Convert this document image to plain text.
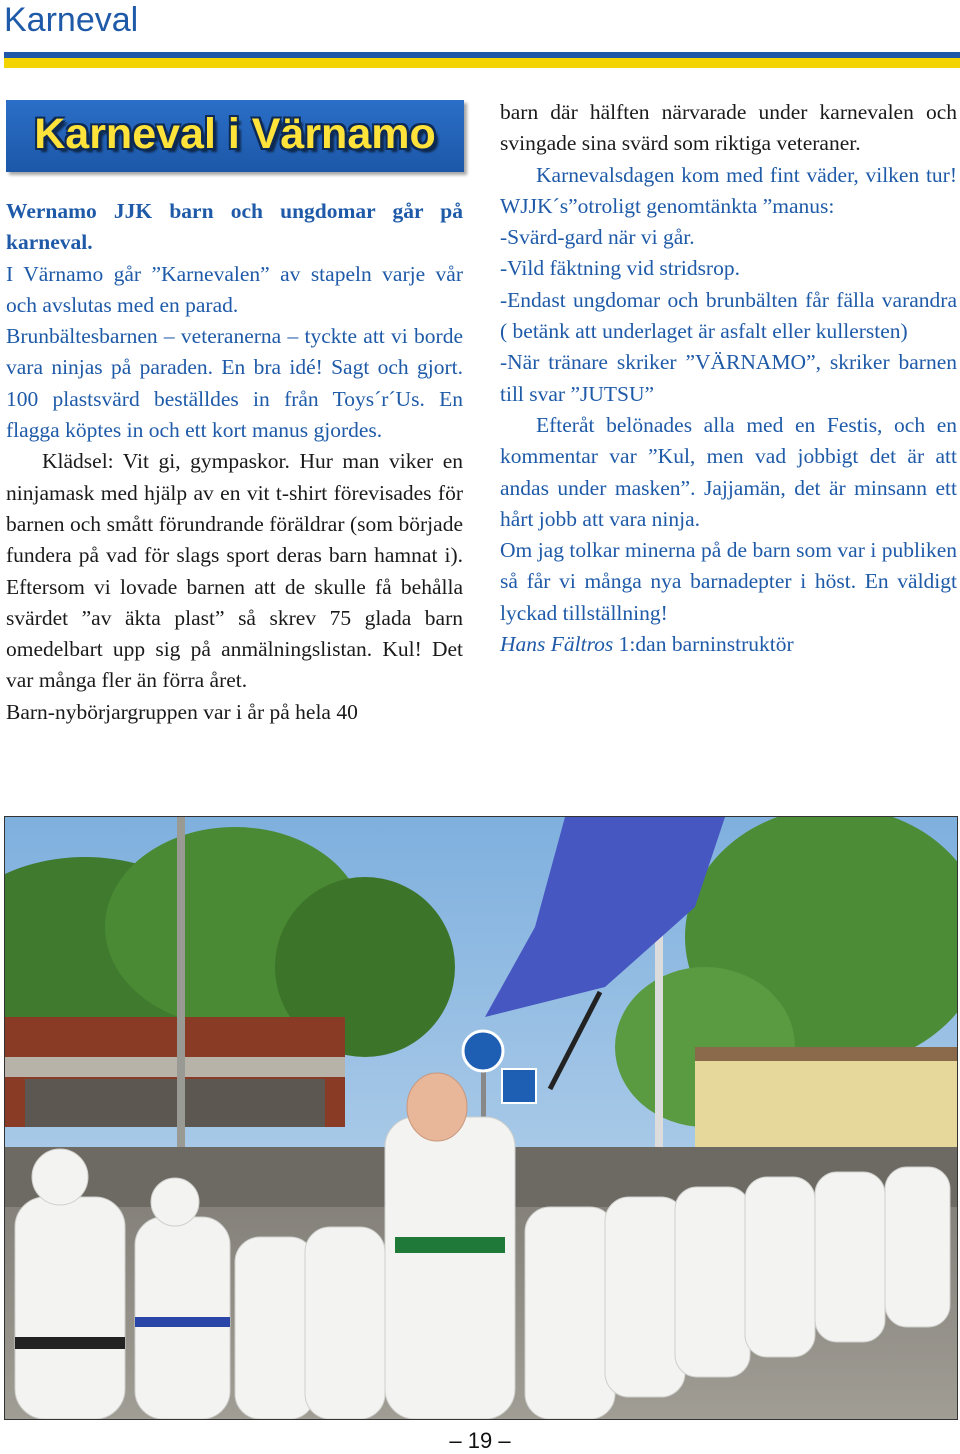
Karneval
Karneval i Värnamo

Wernamo JJK barn och ungdomar går på karneval.

I Värnamo går ”Karnevalen” av stapeln varje vår och avslutas med en parad.

Brunbältesbarnen – veteranerna – tyckte att vi borde vara ninjas på paraden. En bra idé! Sagt och gjort. 100 plastsvärd beställdes in från Toys´r´Us. En flagga köptes in och ett kort manus gjordes.

Klädsel: Vit gi, gympaskor. Hur man viker en ninjamask med hjälp av en vit t-shirt förevisades för barnen och smått förundrande föräldrar (som började fundera på vad för slags sport deras barn hamnat i). Eftersom vi lovade barnen att de skulle få behålla svärdet ”av äkta plast” så skrev 75 glada barn omedelbart upp sig på anmälningslistan. Kul! Det var många fler än förra året.

Barn-nybörjargruppen var i år på hela 40

barn där hälften närvarade under karnevalen och svingade sina svärd som riktiga veteraner.

Karnevalsdagen kom med fint väder, vilken tur! WJJK´s”otroligt genomtänkta ”manus:

-Svärd-gard när vi går.

-Vild fäktning vid stridsrop.

-Endast ungdomar och brunbälten får fälla varandra ( betänk att underlaget är asfalt eller kullersten)

-När tränare skriker ”VÄRNAMO”, skriker barnen till svar ”JUTSU”

Efteråt belönades alla med en Festis, och en kommentar var ”Kul, men vad jobbigt det är att andas under masken”. Jajjamän, det är minsann ett hårt jobb att vara ninja.

Om jag tolkar minerna på de barn som var i publiken så får vi många nya barnadepter i höst. En väldigt lyckad tillställning!

Hans Fältros 1:dan barninstruktör

– 19 –
